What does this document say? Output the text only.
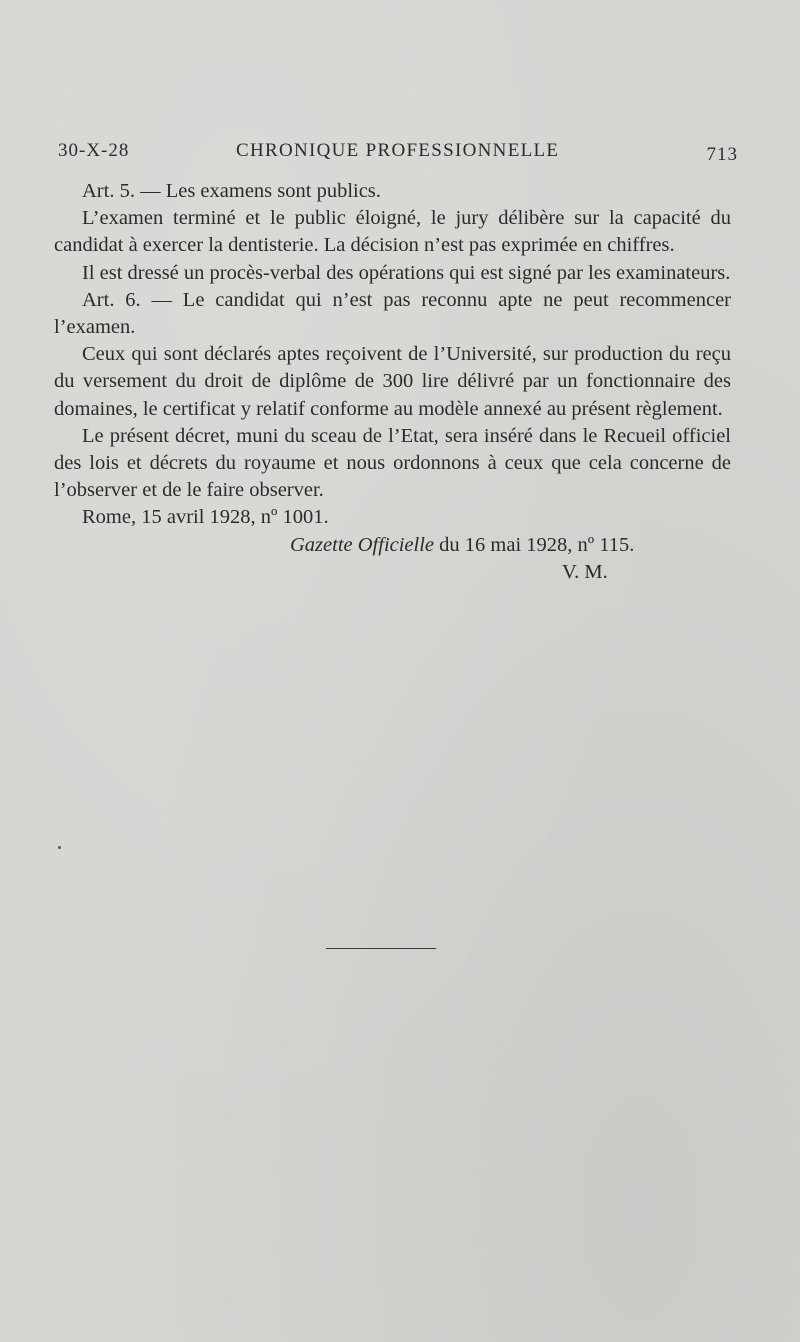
30-X-28	CHRONIQUE PROFESSIONNELLE	713

Art. 5. — Les examens sont publics.

L’examen terminé et le public éloigné, le jury délibère sur la capacité du candidat à exercer la dentisterie. La décision n’est pas exprimée en chiffres.

Il est dressé un procès-verbal des opérations qui est signé par les examinateurs.

Art. 6. — Le candidat qui n’est pas reconnu apte ne peut recommencer l’examen.

Ceux qui sont déclarés aptes reçoivent de l’Université, sur production du reçu du versement du droit de diplôme de 300 lire délivré par un fonctionnaire des domaines, le certificat y relatif conforme au modèle annexé au présent règlement.

Le présent décret, muni du sceau de l’Etat, sera inséré dans le Recueil officiel des lois et décrets du royaume et nous ordonnons à ceux que cela concerne de l’observer et de le faire observer.

Rome, 15 avril 1928, nº 1001.

Gazette Officielle du 16 mai 1928, nº 115.

V. M.
